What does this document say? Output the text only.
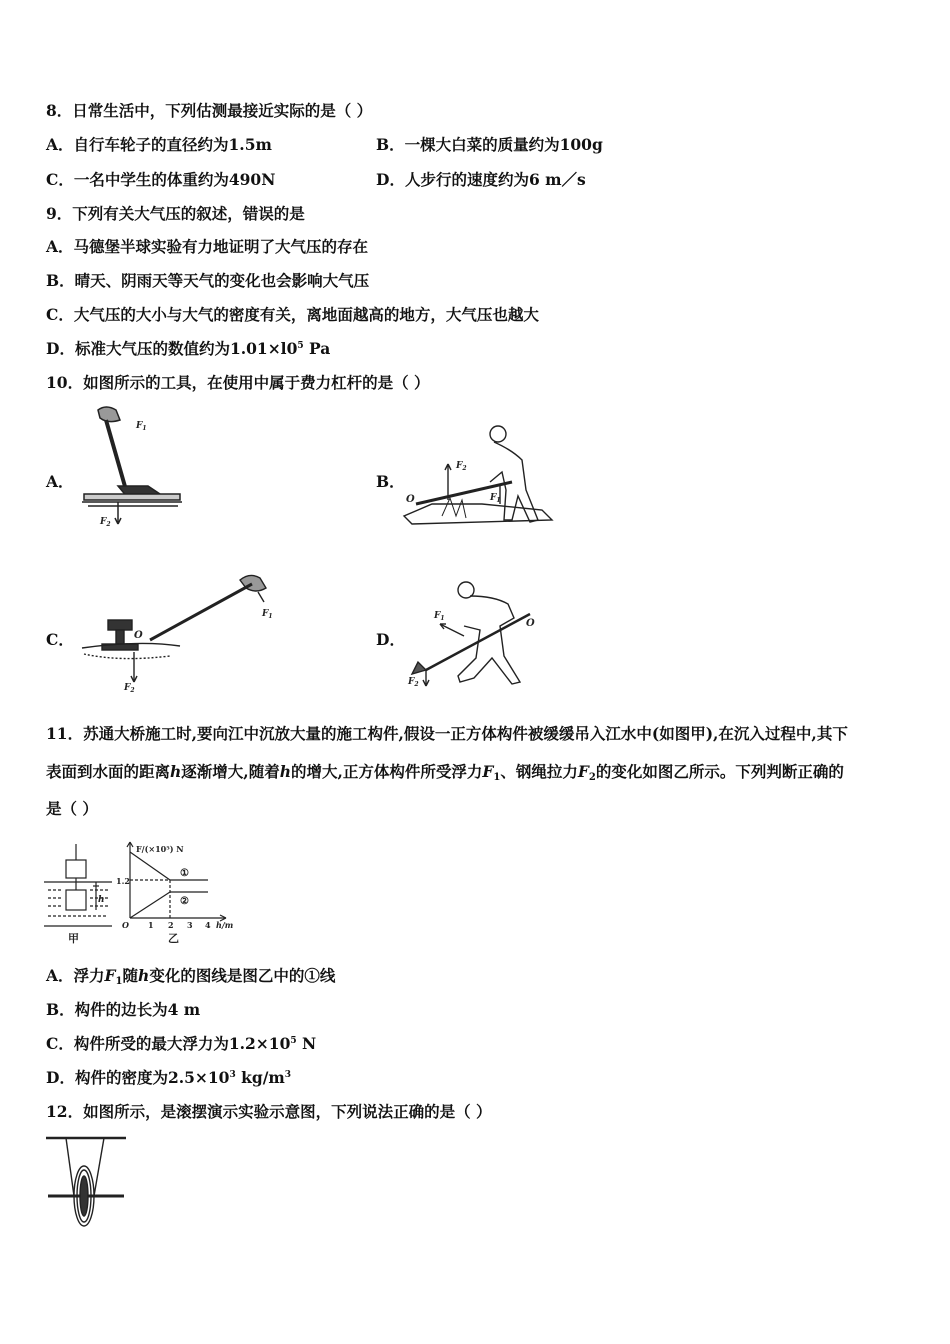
8．日常生活中，下列估测最接近实际的是（ ）
A．自行车轮子的直径约为1.5m	B．一棵大白菜的质量约为100g
C．一名中学生的体重约为490N	D．人步行的速度约为6 m／s
9．下列有关大气压的叙述，错误的是
A．马德堡半球实验有力地证明了大气压的存在
B．晴天、阴雨天等天气的变化也会影响大气压
C．大气压的大小与大气的密度有关，离地面越高的地方，大气压也越大
D．标准大气压的数值约为$1.01\times l0^5$ Pa
10．如图所示的工具，在使用中属于费力杠杆的是（ ）
A．	B．
C．	D．
$F_1$
$F_2$
$F_2$
$F_1$
O
$F_1$
$F_2$
O
$F_1$
$F_2$
O
11．苏通大桥施工时,要向江中沉放大量的施工构件,假设一正方体构件被缓缓吊入江水中(如图甲),在沉入过程中,其下
表面到水面的距离h逐渐增大,随着h的增大,正方体构件所受浮力$F_1$、钢绳拉力$F_2$的变化如图乙所示。下列判断正确的
是（ ）
h
甲
F/(×10⁵) N
1.2
O 1 2 3 4 h/m
①
②
乙
A．浮力$F_1$随h变化的图线是图乙中的①线
B．构件的边长为4 m
C．构件所受的最大浮力为$1.2\times 10^5$ N
D．构件的密度为$2.5\times 10^3$ $kg/m^3$
12．如图所示，是滚摆演示实验示意图，下列说法正确的是（ ）
